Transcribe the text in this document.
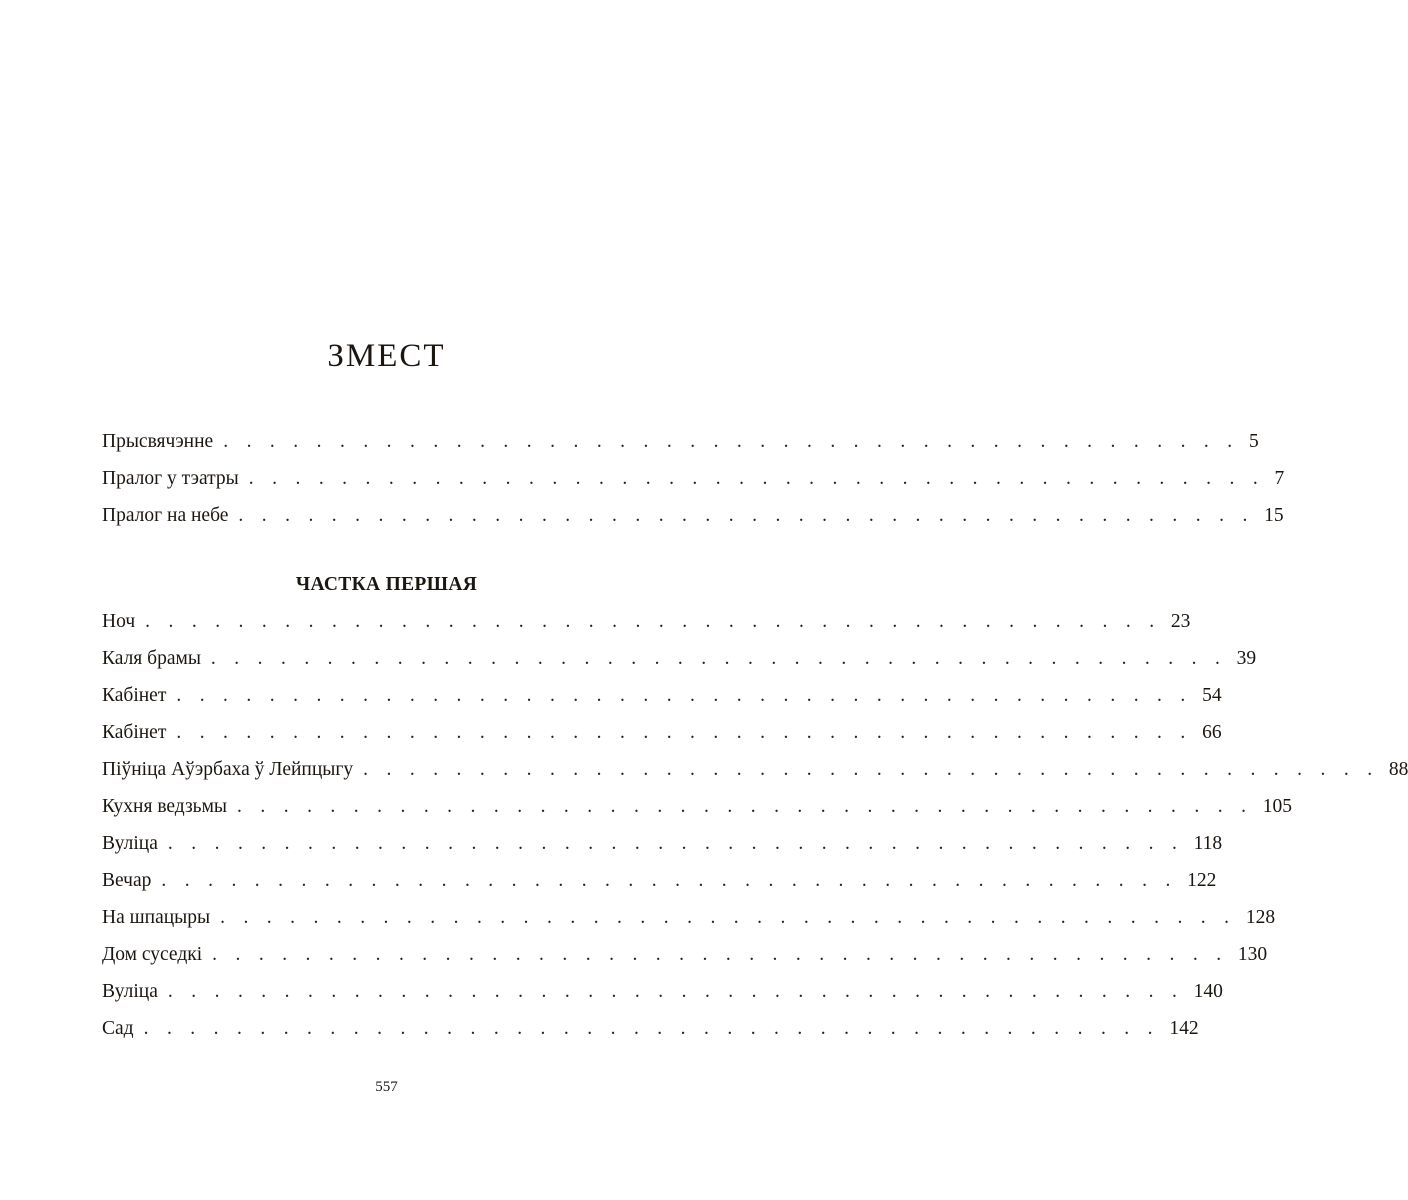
ЗМЕСТ
Прысвячэнне . . . . . . . . . . . . . . . . . . . . . . . . . . . . . . . . . . . . . . . . . . . . 5
Пралог у тэатры . . . . . . . . . . . . . . . . . . . . . . . . . . . . . . . . . . . . . . . . . . . . 7
Пралог на небе . . . . . . . . . . . . . . . . . . . . . . . . . . . . . . . . . . . . . . . . . . . . 15
ЧАСТКА ПЕРШАЯ
Ноч . . . . . . . . . . . . . . . . . . . . . . . . . . . . . . . . . . . . . . . . . . . . 23
Каля брамы . . . . . . . . . . . . . . . . . . . . . . . . . . . . . . . . . . . . . . . . . . . . 39
Кабінет . . . . . . . . . . . . . . . . . . . . . . . . . . . . . . . . . . . . . . . . . . . . 54
Кабінет . . . . . . . . . . . . . . . . . . . . . . . . . . . . . . . . . . . . . . . . . . . . 66
Піўніца Аўэрбаха ў Лейпцыгу . . . . . . . . . . . . . . . . . . . . . . . . . . . . . . . . . . . . . . . . . . . . 88
Кухня ведзьмы . . . . . . . . . . . . . . . . . . . . . . . . . . . . . . . . . . . . . . . . . . . . 105
Вуліца . . . . . . . . . . . . . . . . . . . . . . . . . . . . . . . . . . . . . . . . . . . . 118
Вечар . . . . . . . . . . . . . . . . . . . . . . . . . . . . . . . . . . . . . . . . . . . . 122
На шпацыры . . . . . . . . . . . . . . . . . . . . . . . . . . . . . . . . . . . . . . . . . . . . 128
Дом суседкі . . . . . . . . . . . . . . . . . . . . . . . . . . . . . . . . . . . . . . . . . . . . 130
Вуліца . . . . . . . . . . . . . . . . . . . . . . . . . . . . . . . . . . . . . . . . . . . . 140
Сад . . . . . . . . . . . . . . . . . . . . . . . . . . . . . . . . . . . . . . . . . . . . 142
557
